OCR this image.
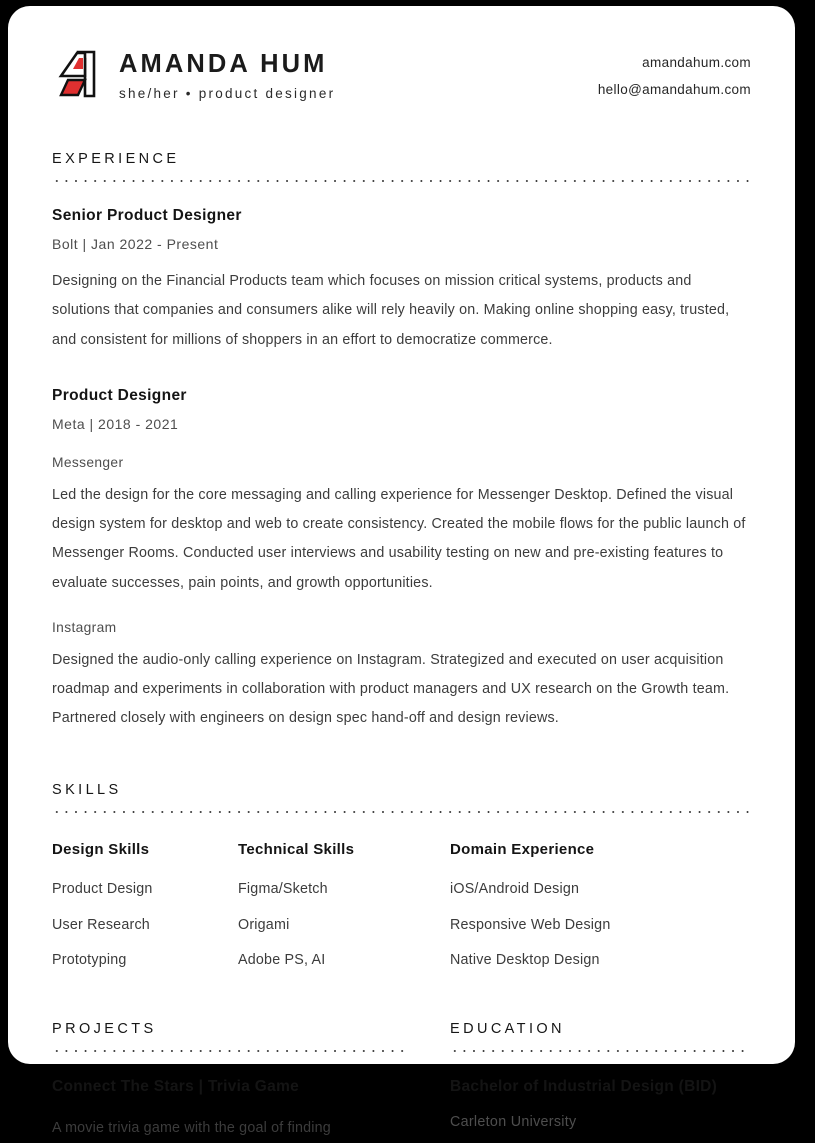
AMANDA HUM
she/her • product designer
amandahum.com
hello@amandahum.com
EXPERIENCE
Senior Product Designer
Bolt | Jan 2022 - Present
Designing on the Financial Products team which focuses on mission critical systems, products and solutions that companies and consumers alike will rely heavily on. Making online shopping easy, trusted, and consistent for millions of shoppers in an effort to democratize commerce.
Product Designer
Meta | 2018 - 2021
Messenger
Led the design for the core messaging and calling experience for Messenger Desktop. Defined the visual design system for desktop and web to create consistency. Created the mobile flows for the public launch of Messenger Rooms. Conducted user interviews and usability testing on new and pre-existing features to evaluate successes, pain points, and growth opportunities.
Instagram
Designed the audio-only calling experience on Instagram. Strategized and executed on user acquisition roadmap and experiments in collaboration with product managers and UX research on the Growth team. Partnered closely with engineers on design spec hand-off and design reviews.
SKILLS
Design Skills
Product Design
User Research
Prototyping
Technical Skills
Figma/Sketch
Origami
Adobe PS, AI
Domain Experience
iOS/Android Design
Responsive Web Design
Native Desktop Design
PROJECTS
Connect The Stars | Trivia Game
A movie trivia game with the goal of finding
EDUCATION
Bachelor of Industrial Design (BID)
Carleton University
